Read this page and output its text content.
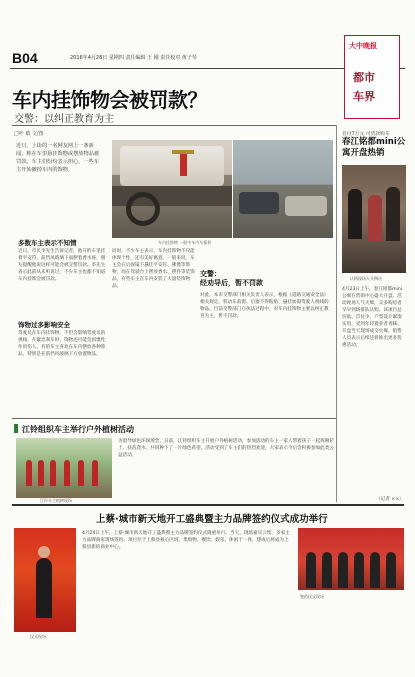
B04	2016年4月28日 星期四 责任编辑 王 刚 责任校对 黄子琴
大中晚报
都市
车界
车内挂饰物会被罚款？
交警：以纠正教育为主
□叶 敏 文/图

近日，上街的一名网友网上一条新闻，称在车里悬挂饰物或摆放物品被罚款，车主们纷纷表示担心，一些车主开始撤掉车内的饰物。

车内挂饰物 一般中车内车情景
多数车主表示不知情

近日，市民李先生告诉记者，他开的车里挂着平安符、前挡风玻璃下面摆着香水座，朋友提醒他说这样可能会被交警罚款。李先生表示此前从未听说过，不少车主也都不知道车内挂饰会被罚款。

饰物过多影响安全

驾驶员在车内挂饰物，不但会影响驾驶员的视线，在紧急刹车时，饰物还可能会因惯性作用伤人。有的车主喜欢在车内摆放各种饰品，特别是在前挡风玻璃下方放置物品。

同时，不少车主表示，车内挂饰物不仅能体现个性，还有美好寓意。一般来说，车主会在后视镜下悬挂平安符、佛像等饰物，而在驾驶台上摆放香水、摆件等装饰品，有些车主在车内安装了大量装饰物品。

交警：
经劝导后，暂不罚款

对此，本市交警部门相关负责人表示，根据《道路交通安全法》相关规定，机动车前窗、后窗不得粘贴、悬挂妨碍驾驶人视线的物品。目前交警部门在执法过程中，对车内挂饰物主要以纠正教育为主，暂不罚款。

首付7万元 可货款购车
春江铭都mini公寓开盘热销
认购现场人头攒动

4月23日上午，春江铭都mini公寓在营销中心盛大开盘。活动现场人气火爆，众多购房者早早到场排队认购。该项目总价低、首付少，户型设计紧凑实用，受到年轻置业者青睐。开盘当天现场成交火爆，销售人员表示后续还将推出更多优惠活动。

（记者 ××）
江铃组织车主举行户外植树活动
江铃车主植树现场

为倡导绿色环保理念，日前，江铃组织车主开展户外植树活动，参加活动的车主一家人带着孩子一起挥锹铲土、扶苗浇水，共同种下了一片绿色希望。活动受到了车主们的热烈欢迎，大家表示今后会积极参加此类公益活动。

上蔡·城市新天地开工盛典暨主力品牌签约仪式成功举行
仪式现场

4月24日上午，上蔡·城市新天地开工盛典暨主力品牌签约仪式隆重举行。当天，现场嘉宾云集，多家主力品牌商家现场签约。项目位于上蔡县核心区域，集购物、餐饮、娱乐、休闲于一体，建成后将成为上蔡县新的商业中心。

签约仪式现场
